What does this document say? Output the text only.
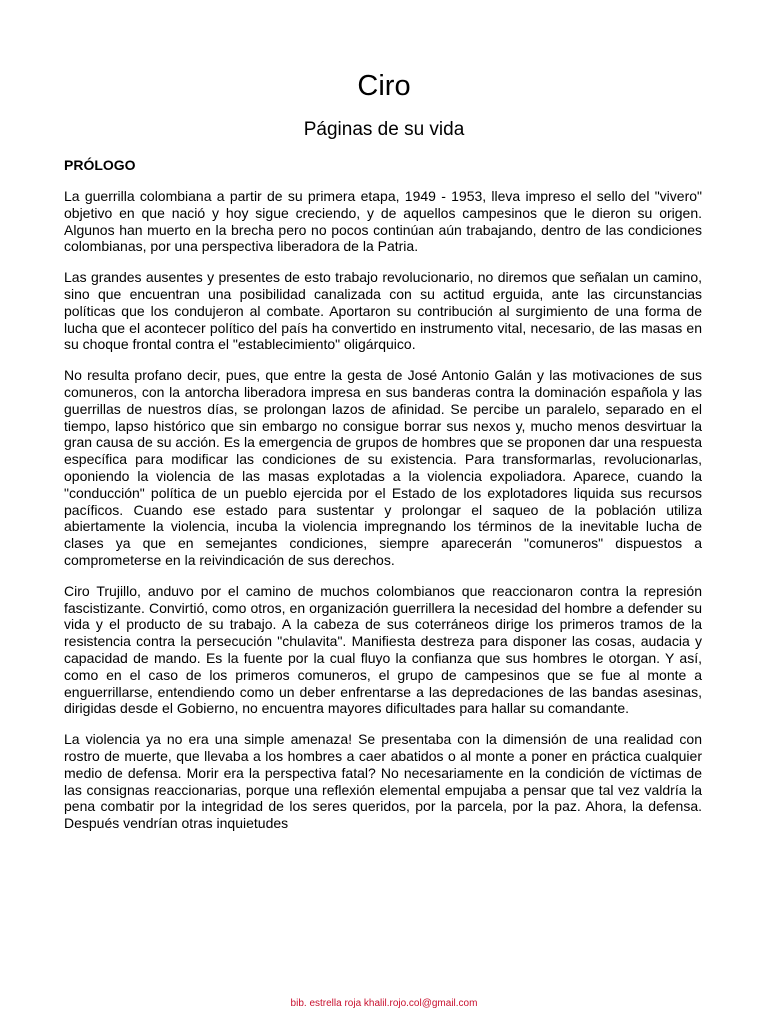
Ciro
Páginas de su vida

PRÓLOGO

La guerrilla colombiana a partir de su primera etapa, 1949 - 1953, lleva impreso el sello del "vivero" objetivo en que nació y hoy sigue creciendo, y de aquellos campesinos que le dieron su origen. Algunos han muerto en la brecha pero no pocos continúan aún trabajando, dentro de las condiciones colombianas, por una perspectiva liberadora de la Patria.

Las grandes ausentes y presentes de esto trabajo revolucionario, no diremos que señalan un camino, sino que encuentran una posibilidad canalizada con su actitud erguida, ante las circunstancias políticas que los condujeron al combate. Aportaron su contribución al surgimiento de una forma de lucha que el acontecer político del país ha convertido en instrumento vital, necesario, de las masas en su choque frontal contra el "establecimiento" oligárquico.

No resulta profano decir, pues, que entre la gesta de José Antonio Galán y las motivaciones de sus comuneros, con la antorcha liberadora impresa en sus banderas contra la dominación española y las guerrillas de nuestros días, se prolongan lazos de afinidad. Se percibe un paralelo, separado en el tiempo, lapso histórico que sin embargo no consigue borrar sus nexos y, mucho menos desvirtuar la gran causa de su acción. Es la emergencia de grupos de hombres que se proponen dar una respuesta específica para modificar las condiciones de su existencia. Para transformarlas, revolucionarlas, oponiendo la violencia de las masas explotadas a la violencia expoliadora. Aparece, cuando la "conducción" política de un pueblo ejercida por el Estado de los explotadores liquida sus recursos pacíficos. Cuando ese estado para sustentar y prolongar el saqueo de la población utiliza abiertamente la violencia, incuba la violencia impregnando los términos de la inevitable lucha de clases ya que en semejantes condiciones, siempre aparecerán "comuneros" dispuestos a comprometerse en la reivindicación de sus derechos.

Ciro Trujillo, anduvo por el camino de muchos colombianos que reaccionaron contra la represión fascistizante. Convirtió, como otros, en organización guerrillera la necesidad del hombre a defender su vida y el producto de su trabajo. A la cabeza de sus coterráneos dirige los primeros tramos de la resistencia contra la persecución "chulavita". Manifiesta destreza para disponer las cosas, audacia y capacidad de mando. Es la fuente por la cual fluyo la confianza que sus hombres le otorgan. Y así, como en el caso de los primeros comuneros, el grupo de campesinos que se fue al monte a enguerrillarse, entendiendo como un deber enfrentarse a las depredaciones de las bandas asesinas, dirigidas desde el Gobierno, no encuentra mayores dificultades para hallar su comandante.

La violencia ya no era una simple amenaza! Se presentaba con la dimensión de una realidad con rostro de muerte, que llevaba a los hombres a caer abatidos o al monte a poner en práctica cualquier medio de defensa. Morir era la perspectiva fatal? No necesariamente en la condición de víctimas de las consignas reaccionarias, porque una reflexión elemental empujaba a pensar que tal vez valdría la pena combatir por la integridad de los seres queridos, por la parcela, por la paz. Ahora, la defensa. Después vendrían otras inquietudes

bib. estrella roja khalil.rojo.col@gmail.com
